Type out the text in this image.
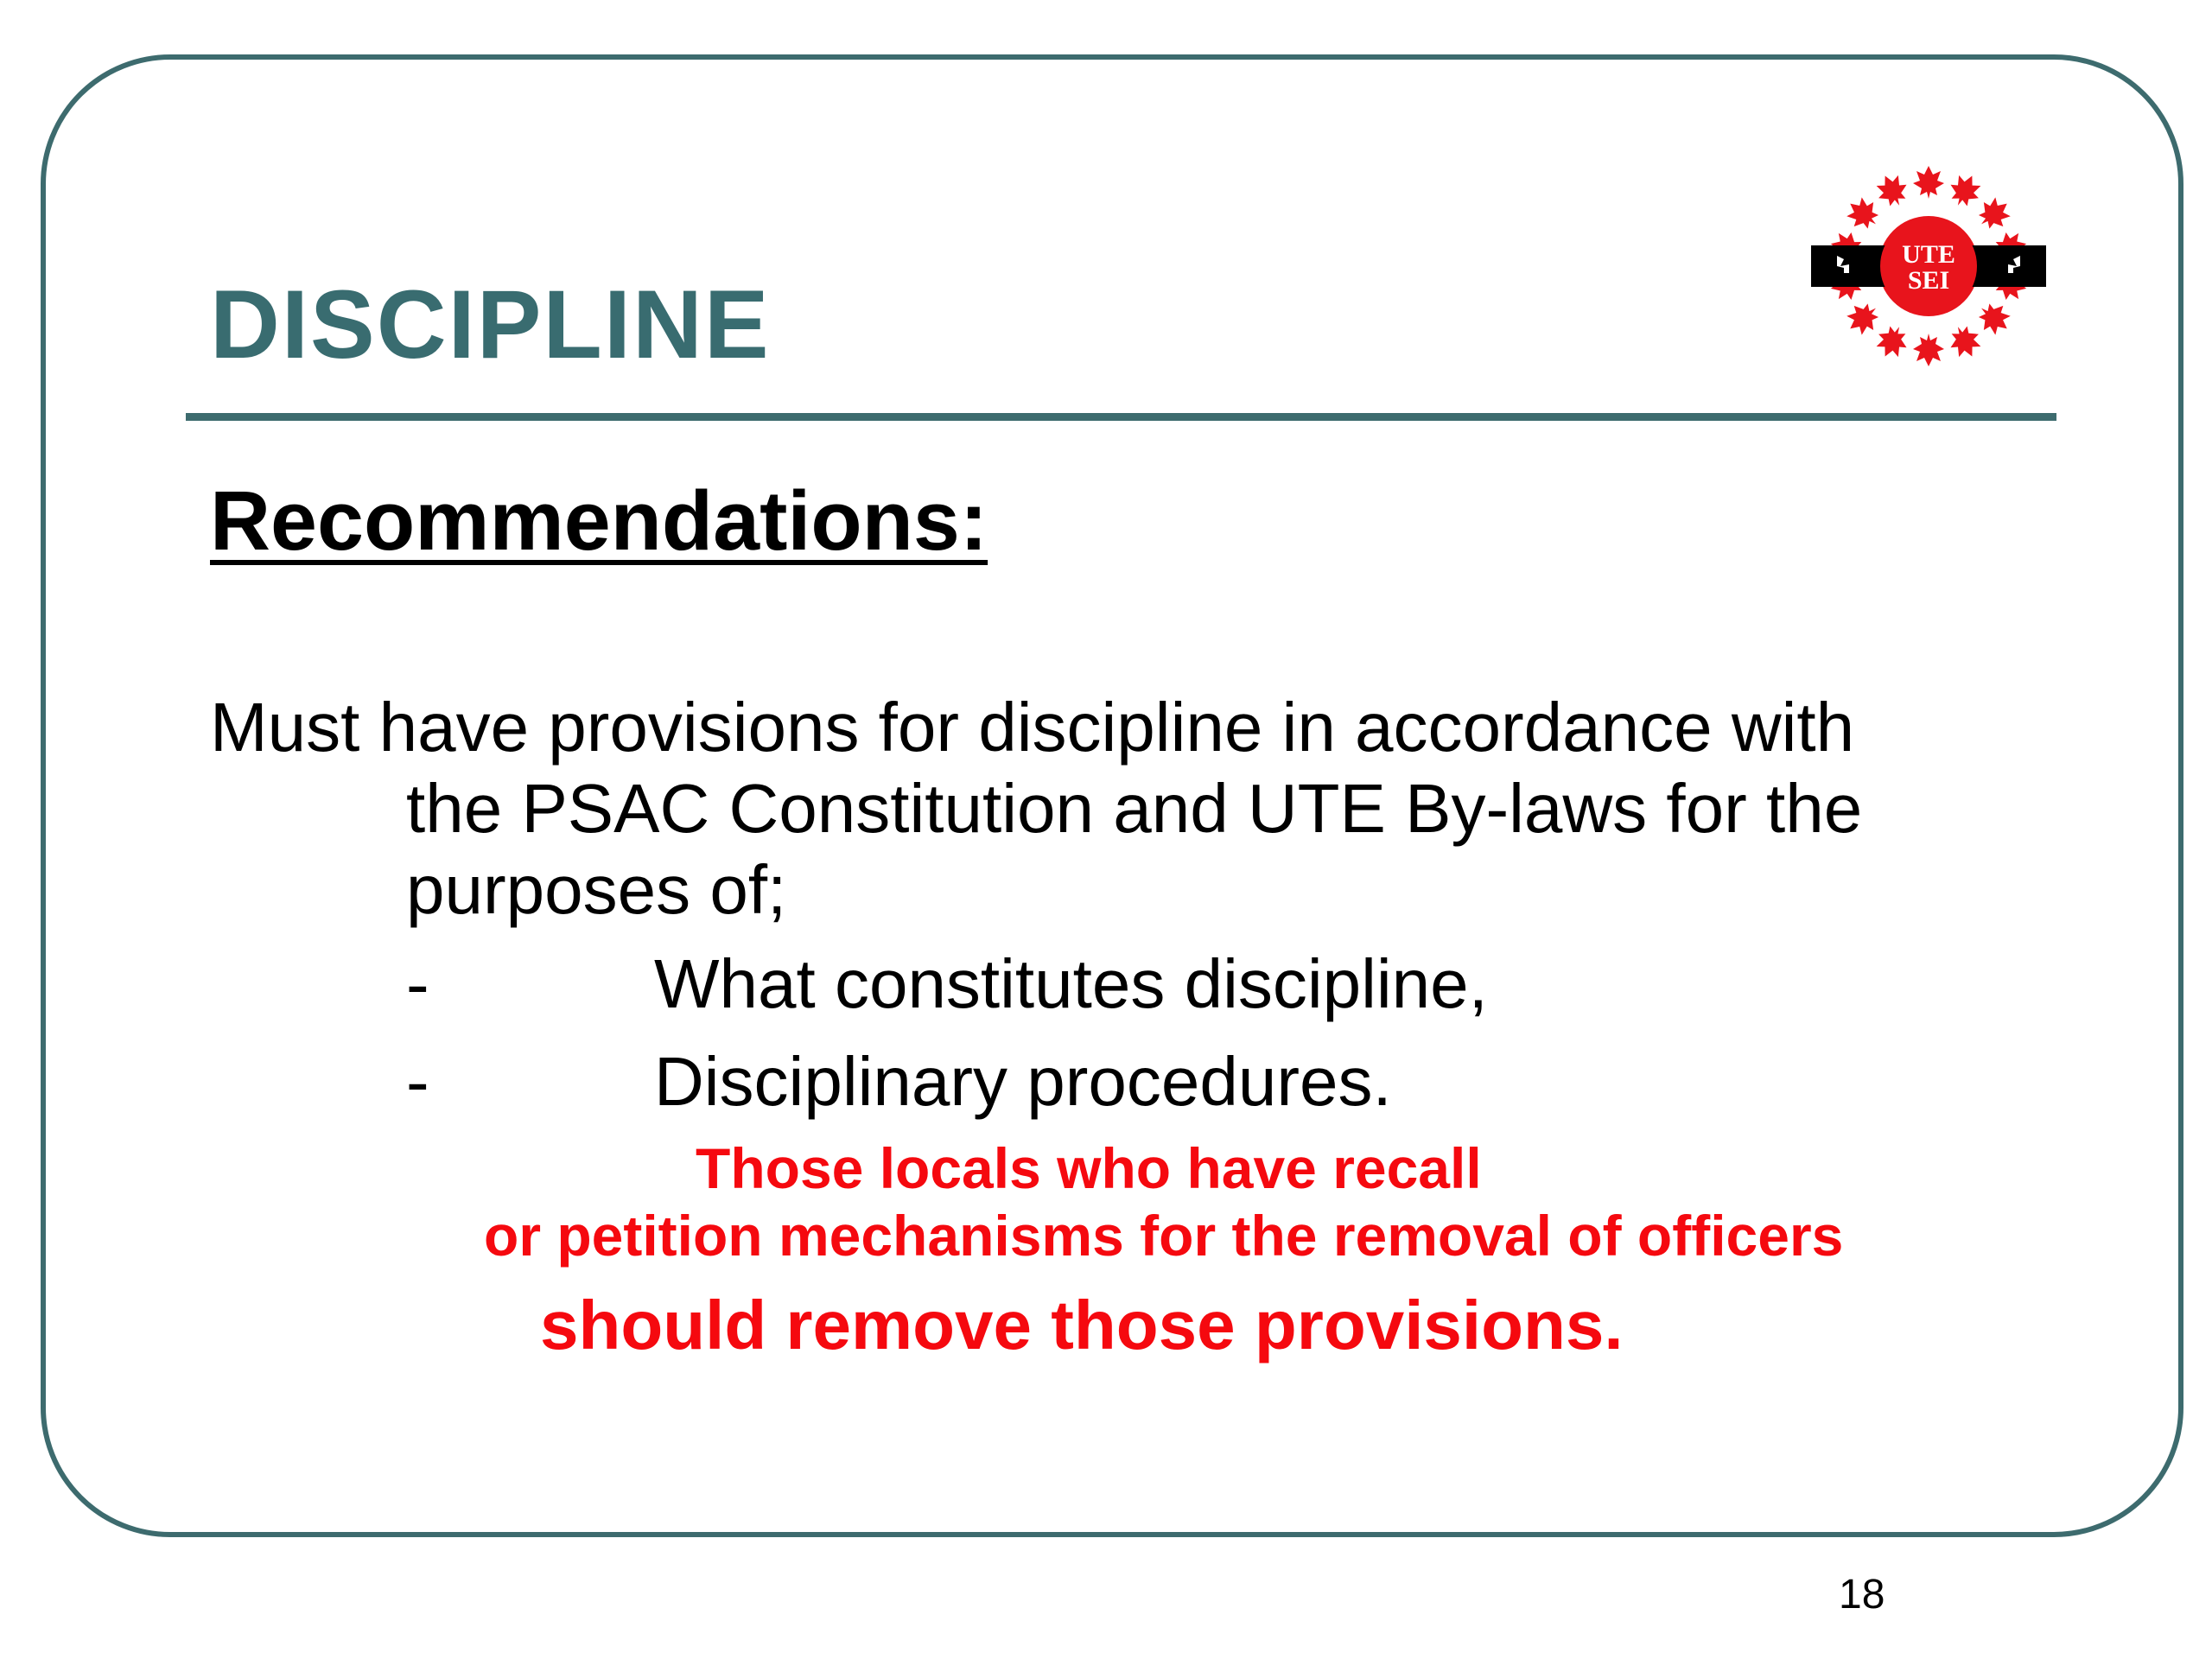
DISCIPLINE
UTE
SEI
Recommendations:
Must have provisions for discipline in accordance with
the PSAC Constitution and UTE By-laws for the
purposes of;
-	What constitutes discipline,
-	Disciplinary procedures.
Those locals who have recall
or petition mechanisms for the removal of officers
should remove those provisions.
18
